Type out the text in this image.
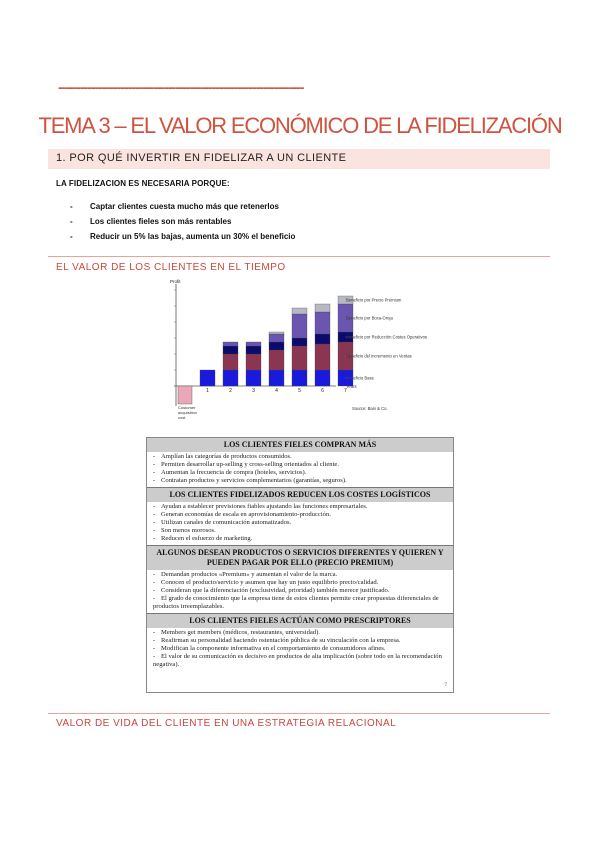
-------------------------------------------------------------------
TEMA 3 – EL VALOR ECONÓMICO DE LA FIDELIZACIÓN
1. POR QUÉ INVERTIR EN FIDELIZAR A UN CLIENTE
LA FIDELIZACION ES NECESARIA PORQUE:
- Captar clientes cuesta mucho más que retenerlos
- Los clientes fieles son más rentables
- Reducir un 5% las bajas, aumenta un 30% el beneficio
EL VALOR DE LOS CLIENTES EN EL TIEMPO
Profit
1	2	3	4	5	6	7
Beneficio Base
Beneficio del incremento en Ventas
Beneficio por Reducción Costes Operativos
Beneficio por Boca-Oreja
Beneficio por Precio Premium
Years
Customer acquisition cost
Source: Bain & Co.
LOS CLIENTES FIELES COMPRAN MÁS
- Amplían las categorías de productos consumidos.
- Permiten desarrollar up-selling y cross-selling orientados al cliente.
- Aumentan la frecuencia de compra (hoteles, servicios).
- Contratan productos y servicios complementarios (garantías, seguros).
LOS CLIENTES FIDELIZADOS REDUCEN LOS COSTES LOGÍSTICOS
- Ayudan a establecer previsiones fiables ajustando las funciones empresariales.
- Generan economías de escala en aprovisionamiento-producción.
- Utilizan canales de comunicación automatizados.
- Son menos morosos.
- Reducen el esfuerzo de marketing.
ALGUNOS DESEAN PRODUCTOS O SERVICIOS DIFERENTES Y QUIEREN Y PUEDEN PAGAR POR ELLO (PRECIO PREMIUM)
- Demandan productos «Premium» y aumentan el valor de la marca.
- Conocen el producto/servicio y asumen que hay un justo equilibrio precio/calidad.
- Consideran que la diferenciación (exclusividad, prioridad) también merece justificado.
- El grado de conocimiento que la empresa tiene de estos clientes permite crear propuestas diferenciales de productos irreemplazables.
LOS CLIENTES FIELES ACTÚAN COMO PRESCRIPTORES
- Members get members (médicos, restaurantes, universidad).
- Reafirman su personalidad haciendo ostentación pública de su vinculación con la empresa.
- Modifican la componente informativa en el comportamiento de consumidores afines.
- El valor de su comunicación es decisivo en productos de alta implicación (sobre todo en la recomendación negativa).
7
VALOR DE VIDA DEL CLIENTE EN UNA ESTRATEGIA RELACIONAL
